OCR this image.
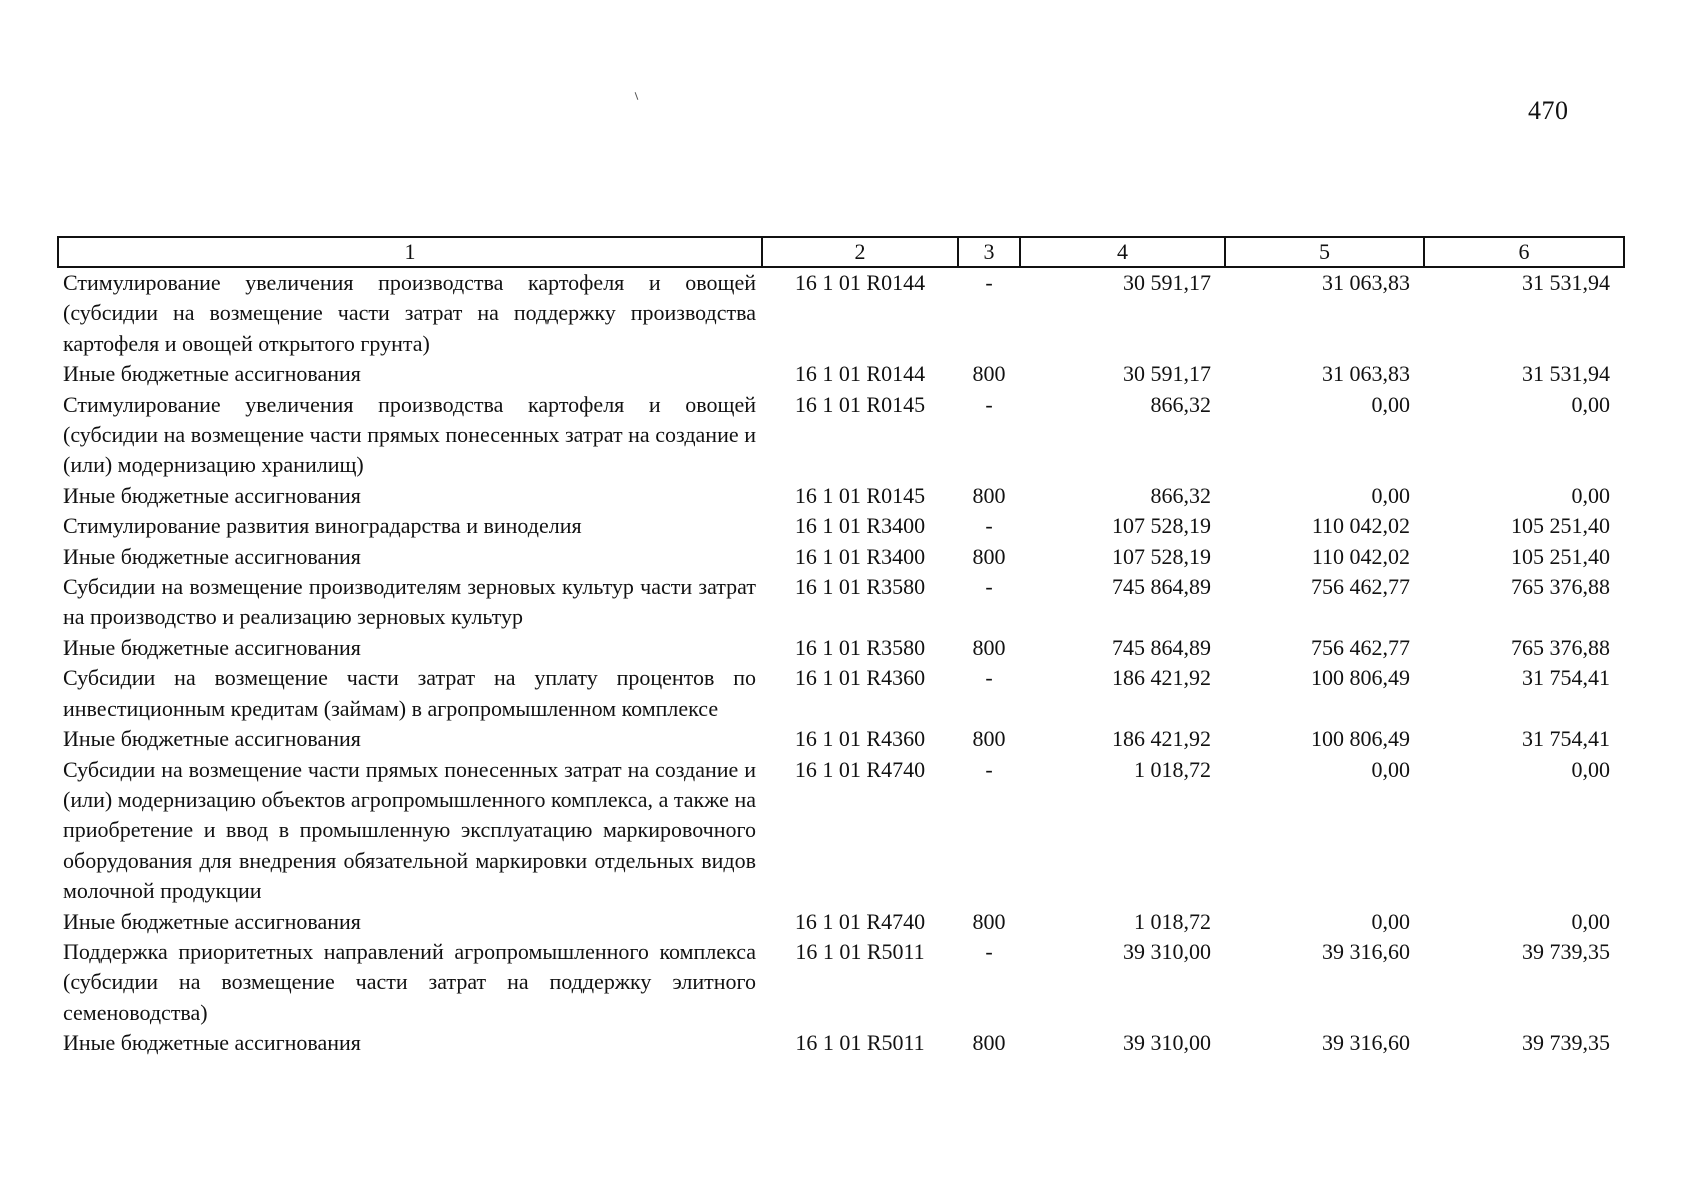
470
1	2	3	4	5	6
Стимулирование увеличения производства картофеля и овощей (субсидии на возмещение части затрат на поддержку производства картофеля и овощей открытого грунта)	16 1 01 R0144	-	30 591,17	31 063,83	31 531,94
Иные бюджетные ассигнования	16 1 01 R0144	800	30 591,17	31 063,83	31 531,94
Стимулирование увеличения производства картофеля и овощей (субсидии на возмещение части прямых понесенных затрат на создание и (или) модернизацию хранилищ)	16 1 01 R0145	-	866,32	0,00	0,00
Иные бюджетные ассигнования	16 1 01 R0145	800	866,32	0,00	0,00
Стимулирование развития виноградарства и виноделия	16 1 01 R3400	-	107 528,19	110 042,02	105 251,40
Иные бюджетные ассигнования	16 1 01 R3400	800	107 528,19	110 042,02	105 251,40
Субсидии на возмещение производителям зерновых культур части затрат на производство и реализацию зерновых культур	16 1 01 R3580	-	745 864,89	756 462,77	765 376,88
Иные бюджетные ассигнования	16 1 01 R3580	800	745 864,89	756 462,77	765 376,88
Субсидии на возмещение части затрат на уплату процентов по инвестиционным кредитам (займам) в агропромышленном комплексе	16 1 01 R4360	-	186 421,92	100 806,49	31 754,41
Иные бюджетные ассигнования	16 1 01 R4360	800	186 421,92	100 806,49	31 754,41
Субсидии на возмещение части прямых понесенных затрат на создание и (или) модернизацию объектов агропромышленного комплекса, а также на приобретение и ввод в промышленную эксплуатацию маркировочного оборудования для внедрения обязательной маркировки отдельных видов молочной продукции	16 1 01 R4740	-	1 018,72	0,00	0,00
Иные бюджетные ассигнования	16 1 01 R4740	800	1 018,72	0,00	0,00
Поддержка приоритетных направлений агропромышленного комплекса (субсидии на возмещение части затрат на поддержку элитного семеноводства)	16 1 01 R5011	-	39 310,00	39 316,60	39 739,35
Иные бюджетные ассигнования	16 1 01 R5011	800	39 310,00	39 316,60	39 739,35
